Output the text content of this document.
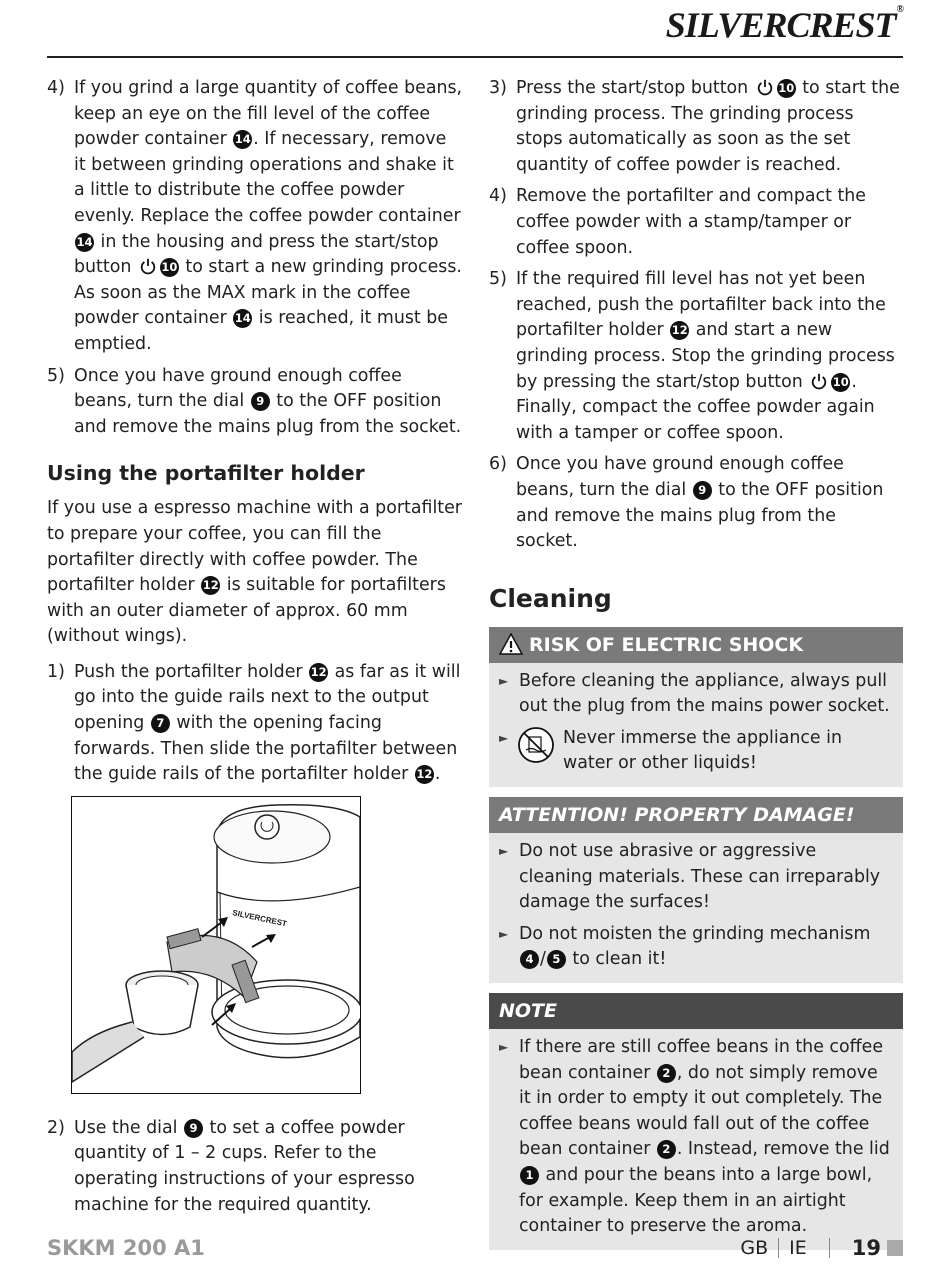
SILVERCREST®
4) If you grind a large quantity of coffee beans, keep an eye on the fill level of the coffee powder container 14 . If necessary, remove it between grinding operations and shake it a little to distribute the coffee powder evenly. Replace the coffee powder container 14 in the housing and press the start/stop button 10 to start a new grinding process.
As soon as the MAX mark in the coffee powder container 14 is reached, it must be emptied.
5) Once you have ground enough coffee beans, turn the dial 9 to the OFF position and remove the mains plug from the socket.
Using the portafilter holder

If you use a espresso machine with a portafilter to prepare your coffee, you can fill the portafilter directly with coffee powder. The portafilter holder 12 is suitable for portafilters with an outer diameter of approx. 60 mm (without wings).

1) Push the portafilter holder 12 as far as it will go into the guide rails next to the output opening 7 with the opening facing forwards. Then slide the portafilter between the guide rails of the portafilter holder 12 .
SILVERCREST
2) Use the dial 9 to set a coffee powder quantity of 1 – 2 cups. Refer to the operating instructions of your espresso machine for the required quantity.
3) Press the start/stop button 10 to start the grinding process. The grinding process stops automatically as soon as the set quantity of coffee powder is reached.
4) Remove the portafilter and compact the coffee powder with a stamp/tamper or coffee spoon.
5) If the required fill level has not yet been reached, push the portafilter back into the portafilter holder 12 and start a new grinding process. Stop the grinding process by pressing the start/stop button 10 . Finally, compact the coffee powder again with a tamper or coffee spoon.
6) Once you have ground enough coffee beans, turn the dial 9 to the OFF position and remove the mains plug from the socket.
Cleaning
RISK OF ELECTRIC SHOCK
► Before cleaning the appliance, always pull out the plug from the mains power socket.
►	Never immerse the appliance in water or other liquids!
ATTENTION! PROPERTY DAMAGE!
► Do not use abrasive or aggressive cleaning materials. These can irreparably damage the surfaces!
► Do not moisten the grinding mechanism 4 / 5 to clean it!
NOTE
► If there are still coffee beans in the coffee bean container 2 , do not simply remove it in order to empty it out completely. The coffee beans would fall out of the coffee bean container 2 . Instead, remove the lid 1 and pour the beans into a large bowl, for example. Keep them in an airtight container to preserve the aroma.
SKKM 200 A1	GB IE 19
